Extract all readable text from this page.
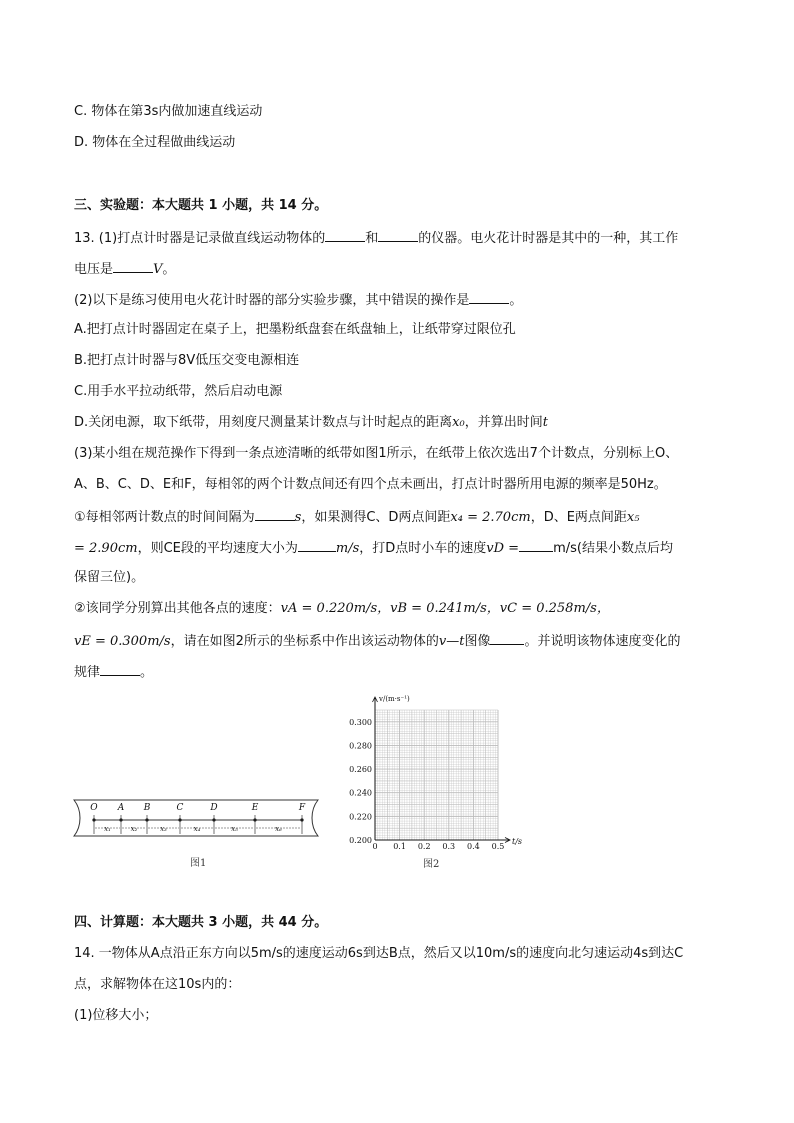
C. 物体在第3s内做加速直线运动
D. 物体在全过程做曲线运动
三、实验题：本大题共 1 小题，共 14 分。
13. (1)打点计时器是记录做直线运动物体的	和	的仪器。电火花计时器是其中的一种，其工作
电压是	V。
(2)以下是练习使用电火花计时器的部分实验步骤，其中错误的操作是	。
A.把打点计时器固定在桌子上，把墨粉纸盘套在纸盘轴上，让纸带穿过限位孔
B.把打点计时器与8V低压交变电源相连
C.用手水平拉动纸带，然后启动电源
D.关闭电源，取下纸带，用刻度尺测量某计数点与计时起点的距离x₀，并算出时间t
(3)某小组在规范操作下得到一条点迹清晰的纸带如图1所示，在纸带上依次选出7个计数点，分别标上O、
A、B、C、D、E和F，每相邻的两个计数点间还有四个点未画出，打点计时器所用电源的频率是50Hz。
①每相邻两计数点的时间间隔为	s，如果测得C、D两点间距x₄ = 2.70cm，D、E两点间距x₅
= 2.90cm，则CE段的平均速度大小为	m/s，打D点时小车的速度vD =	m/s(结果小数点后均
保留三位)。
②该同学分别算出其他各点的速度：vA = 0.220m/s，vB = 0.241m/s，vC = 0.258m/s，
vE = 0.300m/s，请在如图2所示的坐标系中作出该运动物体的v—t图像	。并说明该物体速度变化的
规律	。
O A B	C	D	E	F
x₁	x₂	x₃	x₄	x₅	x₆
图1
0.200
0.220
0.240
0.260
0.280
0.300
0 0.1 0.2 0.3 0.4 0.5
v/(m·s⁻¹)
t/s
图2
四、计算题：本大题共 3 小题，共 44 分。
14. 一物体从A点沿正东方向以5m/s的速度运动6s到达B点，然后又以10m/s的速度向北匀速运动4s到达C
点，求解物体在这10s内的：
(1)位移大小；
